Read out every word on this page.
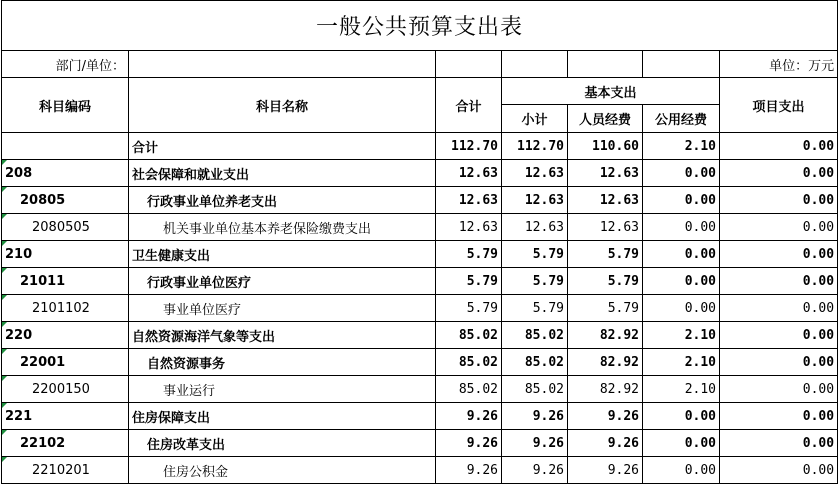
一般公共预算支出表						
部门/单位：						单位：万元
科目编码	科目名称	合计	基本支出			项目支出
			小计	人员经费	公用经费	
	合计	112.70	112.70	110.60	2.10	0.00

208	社会保障和就业支出	12.63	12.63	12.63	0.00	0.00

20805	行政事业单位养老支出	12.63	12.63	12.63	0.00	0.00

2080505	机关事业单位基本养老保险缴费支出	12.63	12.63	12.63	0.00	0.00

210	卫生健康支出	5.79	5.79	5.79	0.00	0.00

21011	行政事业单位医疗	5.79	5.79	5.79	0.00	0.00

2101102	事业单位医疗	5.79	5.79	5.79	0.00	0.00

220	自然资源海洋气象等支出	85.02	85.02	82.92	2.10	0.00

22001	自然资源事务	85.02	85.02	82.92	2.10	0.00

2200150	事业运行	85.02	85.02	82.92	2.10	0.00

221	住房保障支出	9.26	9.26	9.26	0.00	0.00

22102	住房改革支出	9.26	9.26	9.26	0.00	0.00

2210201	住房公积金	9.26	9.26	9.26	0.00	0.00
